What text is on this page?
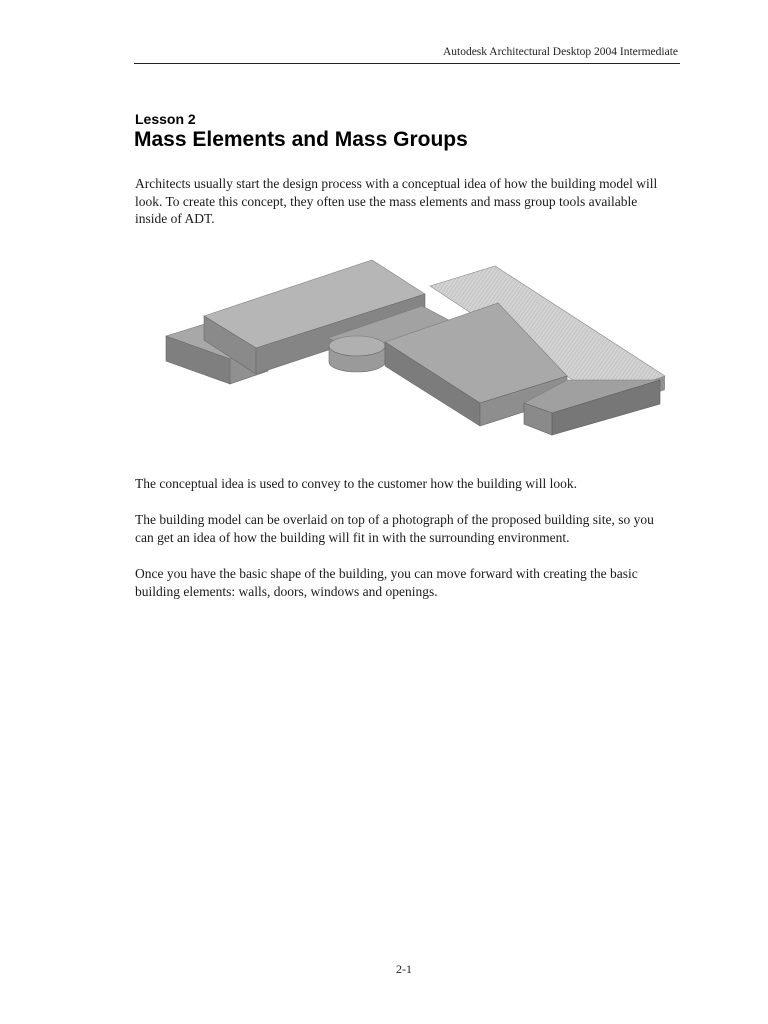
Autodesk Architectural Desktop 2004 Intermediate
Lesson 2
Mass Elements and Mass Groups

Architects usually start the design process with a conceptual idea of how the building model will look. To create this concept, they often use the mass elements and mass group tools available inside of ADT.

The conceptual idea is used to convey to the customer how the building will look.

The building model can be overlaid on top of a photograph of the proposed building site, so you can get an idea of how the building will fit in with the surrounding environment.

Once you have the basic shape of the building, you can move forward with creating the basic building elements: walls, doors, windows and openings.

2-1
